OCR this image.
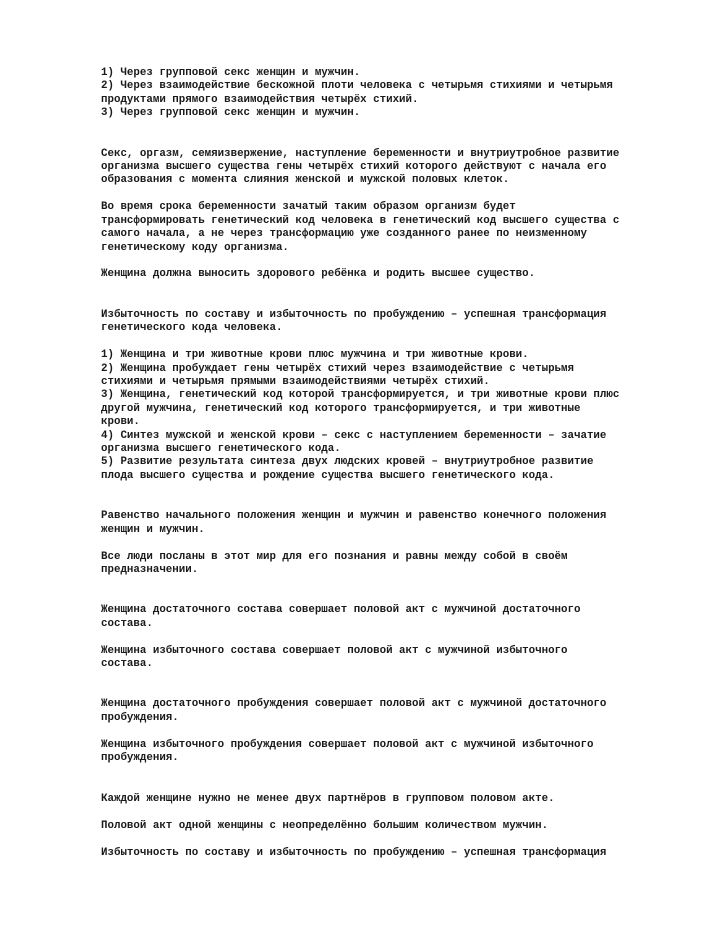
1) Через групповой секс женщин и мужчин.
2) Через взаимодействие бескожной плоти человека с четырьмя стихиями и четырьмя
продуктами прямого взаимодействия четырёх стихий.
3) Через групповой секс женщин и мужчин.
Секс, оргазм, семяизвержение, наступление беременности и внутриутробное развитие
организма высшего существа гены четырёх стихий которого действуют с начала его
образования с момента слияния женской и мужской половых клеток.
Во время срока беременности зачатый таким образом организм будет
трансформировать генетический код человека в генетический код высшего существа с
самого начала, а не через трансформацию уже созданного ранее по неизменному
генетическому коду организма.
Женщина должна выносить здорового ребёнка и родить высшее существо.
Избыточность по составу и избыточность по пробуждению – успешная трансформация
генетического кода человека.
1) Женщина и три животные крови плюс мужчина и три животные крови.
2) Женщина пробуждает гены четырёх стихий через взаимодействие с четырьмя
стихиями и четырьмя прямыми взаимодействиями четырёх стихий.
3) Женщина, генетический код которой трансформируется, и три животные крови плюс
другой мужчина, генетический код которого трансформируется, и три животные
крови.
4) Синтез мужской и женской крови – секс с наступлением беременности – зачатие
организма высшего генетического кода.
5) Развитие результата синтеза двух людских кровей – внутриутробное развитие
плода высшего существа и рождение существа высшего генетического кода.
Равенство начального положения женщин и мужчин и равенство конечного положения
женщин и мужчин.
Все люди посланы в этот мир для его познания и равны между собой в своём
предназначении.
Женщина достаточного состава совершает половой акт с мужчиной достаточного
состава.
Женщина избыточного состава совершает половой акт с мужчиной избыточного
состава.
Женщина достаточного пробуждения совершает половой акт с мужчиной достаточного
пробуждения.
Женщина избыточного пробуждения совершает половой акт с мужчиной избыточного
пробуждения.
Каждой женщине нужно не менее двух партнёров в групповом половом акте.
Половой акт одной женщины с неопределённо большим количеством мужчин.
Избыточность по составу и избыточность по пробуждению – успешная трансформация
